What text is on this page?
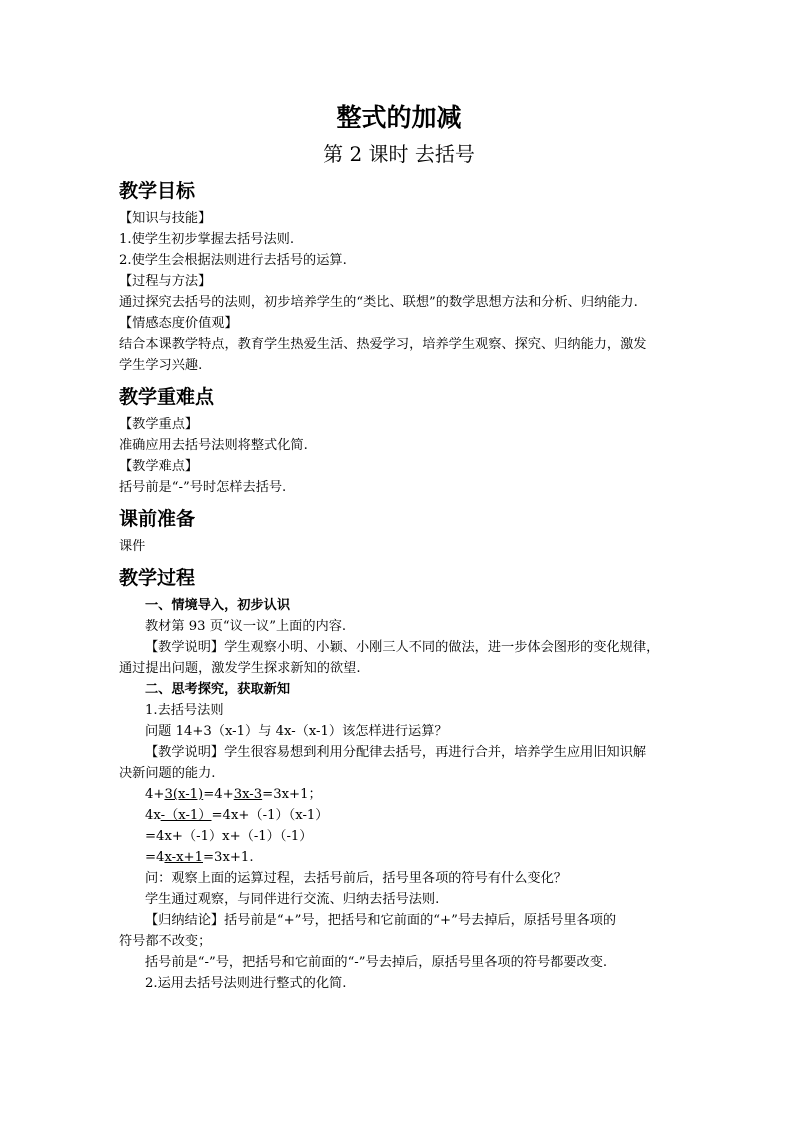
整式的加减
第 2 课时 去括号
教学目标

【知识与技能】

1.使学生初步掌握去括号法则.

2.使学生会根据法则进行去括号的运算.

【过程与方法】

通过探究去括号的法则，初步培养学生的“类比、联想”的数学思想方法和分析、归纳能力.

【情感态度价值观】

结合本课教学特点，教育学生热爱生活、热爱学习，培养学生观察、探究、归纳能力，激发

学生学习兴趣.

教学重难点

【教学重点】

准确应用去括号法则将整式化简.

【教学难点】

括号前是“-”号时怎样去括号.

课前准备

课件

教学过程

一、情境导入，初步认识

教材第 93 页“议一议”上面的内容.

【教学说明】学生观察小明、小颖、小刚三人不同的做法，进一步体会图形的变化规律，

通过提出问题，激发学生探求新知的欲望.

二、思考探究，获取新知

1.去括号法则

问题 14+3（x-1）与 4x-（x-1）该怎样进行运算？

【教学说明】学生很容易想到利用分配律去括号，再进行合并，培养学生应用旧知识解

决新问题的能力.

4+3(x-1)=4+3x-3=3x+1；

4x-（x-1）=4x+（-1）（x-1）

=4x+（-1）x+（-1）（-1）

=4x-x+1=3x+1.

问：观察上面的运算过程，去括号前后，括号里各项的符号有什么变化？

学生通过观察，与同伴进行交流、归纳去括号法则.

【归纳结论】括号前是“+”号，把括号和它前面的“+”号去掉后，原括号里各项的

符号都不改变；

括号前是“-”号，把括号和它前面的“-”号去掉后，原括号里各项的符号都要改变.

2.运用去括号法则进行整式的化简.
